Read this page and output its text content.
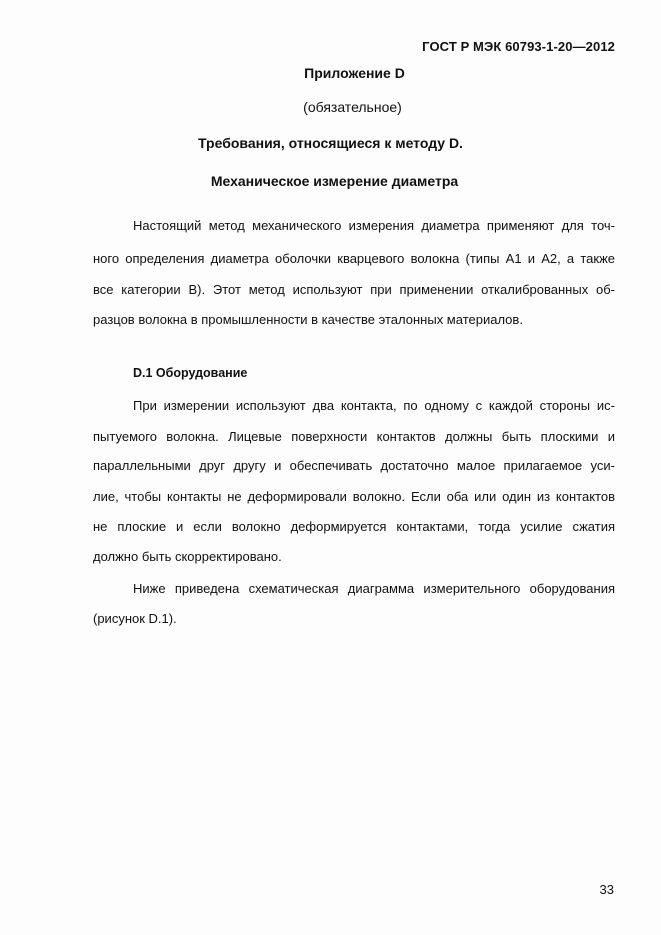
ГОСТ Р МЭК 60793-1-20—2012
Приложение D
(обязательное)
Требования, относящиеся к методу D.
Механическое измерение диаметра
Настоящий метод механического измерения диаметра применяют для точ-
ного определения диаметра оболочки кварцевого волокна (типы А1 и А2, а также
все категории В). Этот метод используют при применении откалиброванных об-
разцов волокна в промышленности в качестве эталонных материалов.
D.1 Оборудование
При измерении используют два контакта, по одному с каждой стороны ис-
пытуемого волокна. Лицевые поверхности контактов должны быть плоскими и
параллельными друг другу и обеспечивать достаточно малое прилагаемое уси-
лие, чтобы контакты не деформировали волокно. Если оба или один из контактов
не плоские и если волокно деформируется контактами, тогда усилие сжатия
должно быть скорректировано.
Ниже приведена схематическая диаграмма измерительного оборудования
(рисунок D.1).
33
